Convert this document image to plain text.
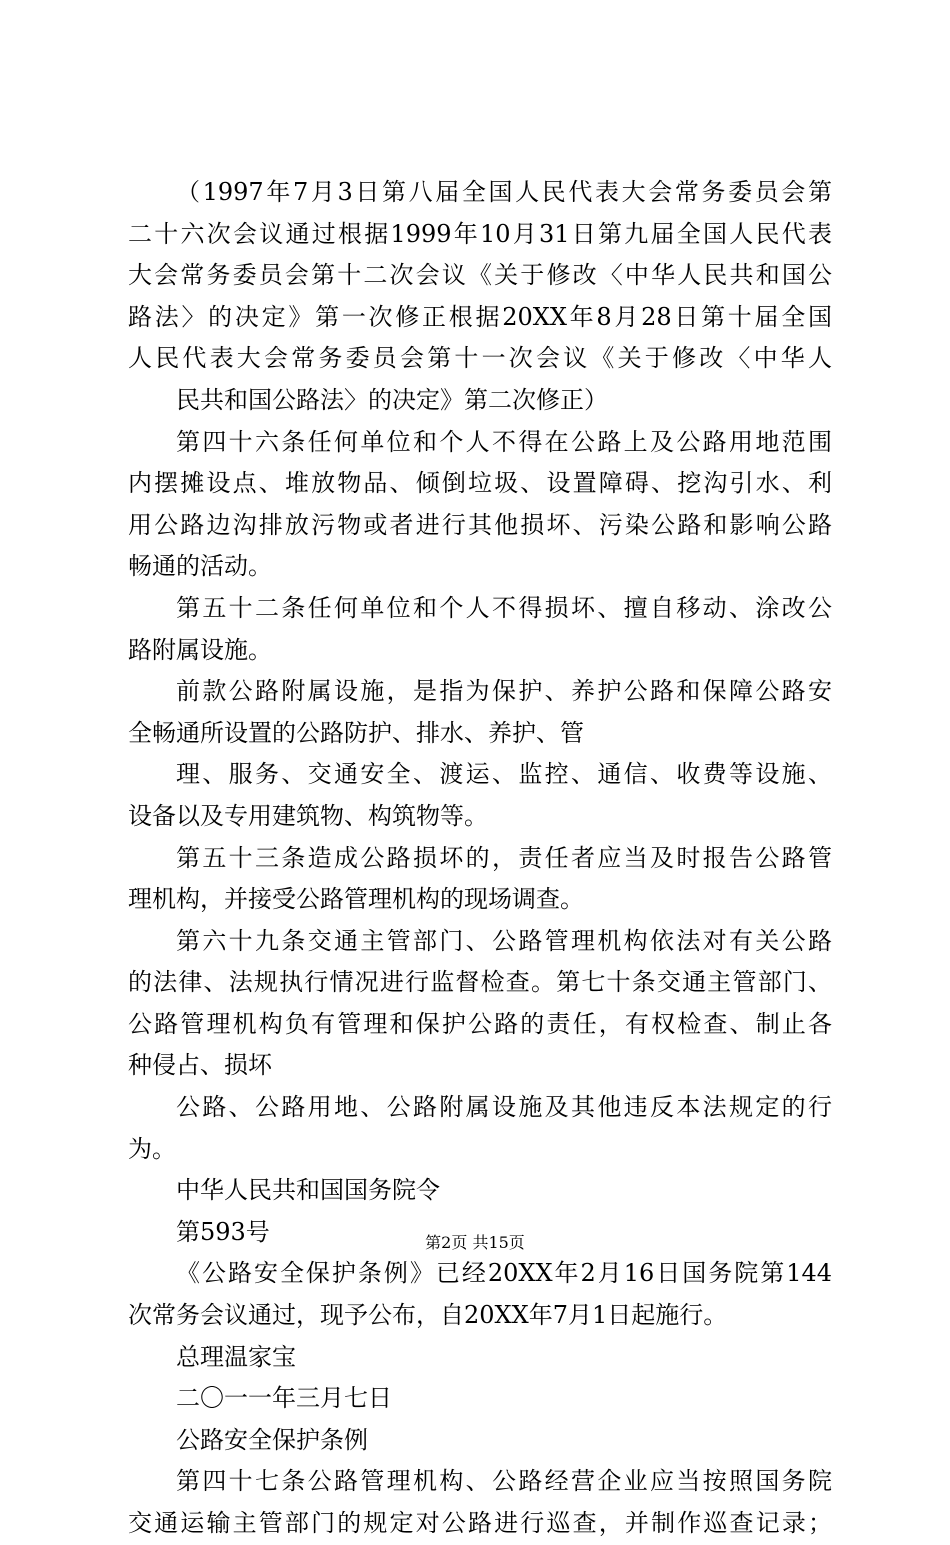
（1997年7月3日第八届全国人民代表大会常务委员会第
二十六次会议通过根据1999年10月31日第九届全国人民代表
大会常务委员会第十二次会议《关于修改〈中华人民共和国公
路法〉的决定》第一次修正根据20XX年8月28日第十届全国
人民代表大会常务委员会第十一次会议《关于修改〈中华人
民共和国公路法〉的决定》第二次修正）
第四十六条任何单位和个人不得在公路上及公路用地范围
内摆摊设点、堆放物品、倾倒垃圾、设置障碍、挖沟引水、利
用公路边沟排放污物或者进行其他损坏、污染公路和影响公路
畅通的活动。
第五十二条任何单位和个人不得损坏、擅自移动、涂改公
路附属设施。
前款公路附属设施，是指为保护、养护公路和保障公路安
全畅通所设置的公路防护、排水、养护、管
理、服务、交通安全、渡运、监控、通信、收费等设施、
设备以及专用建筑物、构筑物等。
第五十三条造成公路损坏的，责任者应当及时报告公路管
理机构，并接受公路管理机构的现场调查。
第六十九条交通主管部门、公路管理机构依法对有关公路
的法律、法规执行情况进行监督检查。第七十条交通主管部门、
公路管理机构负有管理和保护公路的责任，有权检查、制止各
种侵占、损坏
公路、公路用地、公路附属设施及其他违反本法规定的行
为。
中华人民共和国国务院令
第593号
《公路安全保护条例》已经20XX年2月16日国务院第144
次常务会议通过，现予公布，自20XX年7月1日起施行。
总理温家宝
二〇一一年三月七日
公路安全保护条例
第四十七条公路管理机构、公路经营企业应当按照国务院
交通运输主管部门的规定对公路进行巡查，并制作巡查记录；
第2页 共15页
